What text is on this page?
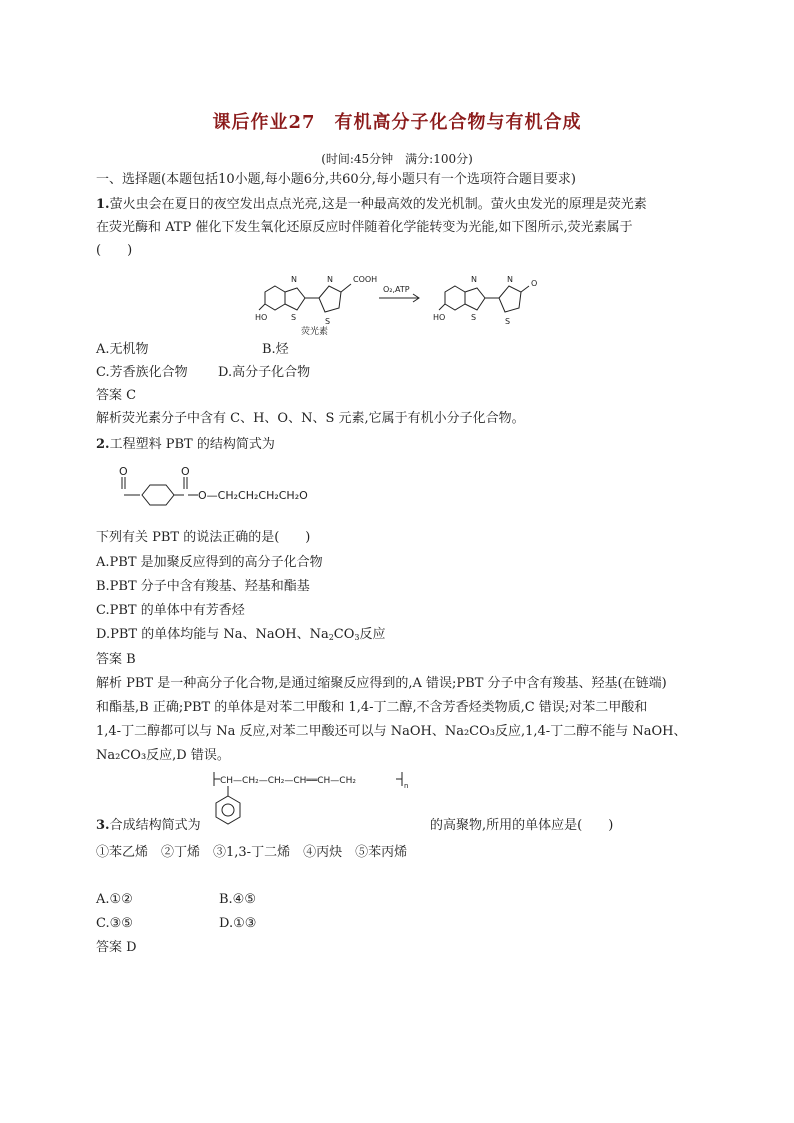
课后作业27　有机高分子化合物与有机合成
(时间:45分钟　满分:100分)
一、选择题(本题包括10小题,每小题6分,共60分,每小题只有一个选项符合题目要求)
1.萤火虫会在夏日的夜空发出点点光亮,这是一种最高效的发光机制。萤火虫发光的原理是荧光素
在荧光酶和 ATP 催化下发生氧化还原反应时伴随着化学能转变为光能,如下图所示,荧光素属于
(　　)
N
S
N
S
COOH
HO
O₂,ATP
N
S
N
S
O
HO
荧光素
A.无机物	B.烃
C.芳香族化合物 D.高分子化合物
答案 C
解析荧光素分子中含有 C、H、O、N、S 元素,它属于有机小分子化合物。
2.工程塑料 PBT 的结构简式为
O	O
O—CH₂CH₂CH₂CH₂O
下列有关 PBT 的说法正确的是(　　)
A.PBT 是加聚反应得到的高分子化合物
B.PBT 分子中含有羧基、羟基和酯基
C.PBT 的单体中有芳香烃
D.PBT 的单体均能与 Na、NaOH、$Na_2CO_3$反应
答案 B
解析 PBT 是一种高分子化合物,是通过缩聚反应得到的,A 错误;PBT 分子中含有羧基、羟基(在链端)
和酯基,B 正确;PBT 的单体是对苯二甲酸和 1,4-丁二醇,不含芳香烃类物质,C 错误;对苯二甲酸和
1,4-丁二醇都可以与 Na 反应,对苯二甲酸还可以与 NaOH、Na₂CO₃反应,1,4-丁二醇不能与 NaOH、
Na₂CO₃反应,D 错误。
CH—CH₂—CH₂—CH══CH—CH₂	n
3.合成结构简式为	的高聚物,所用的单体应是(　　)
①苯乙烯　②丁烯　③1,3-丁二烯　④丙炔　⑤苯丙烯
A.①②	B.④⑤
C.③⑤	D.①③
答案 D
